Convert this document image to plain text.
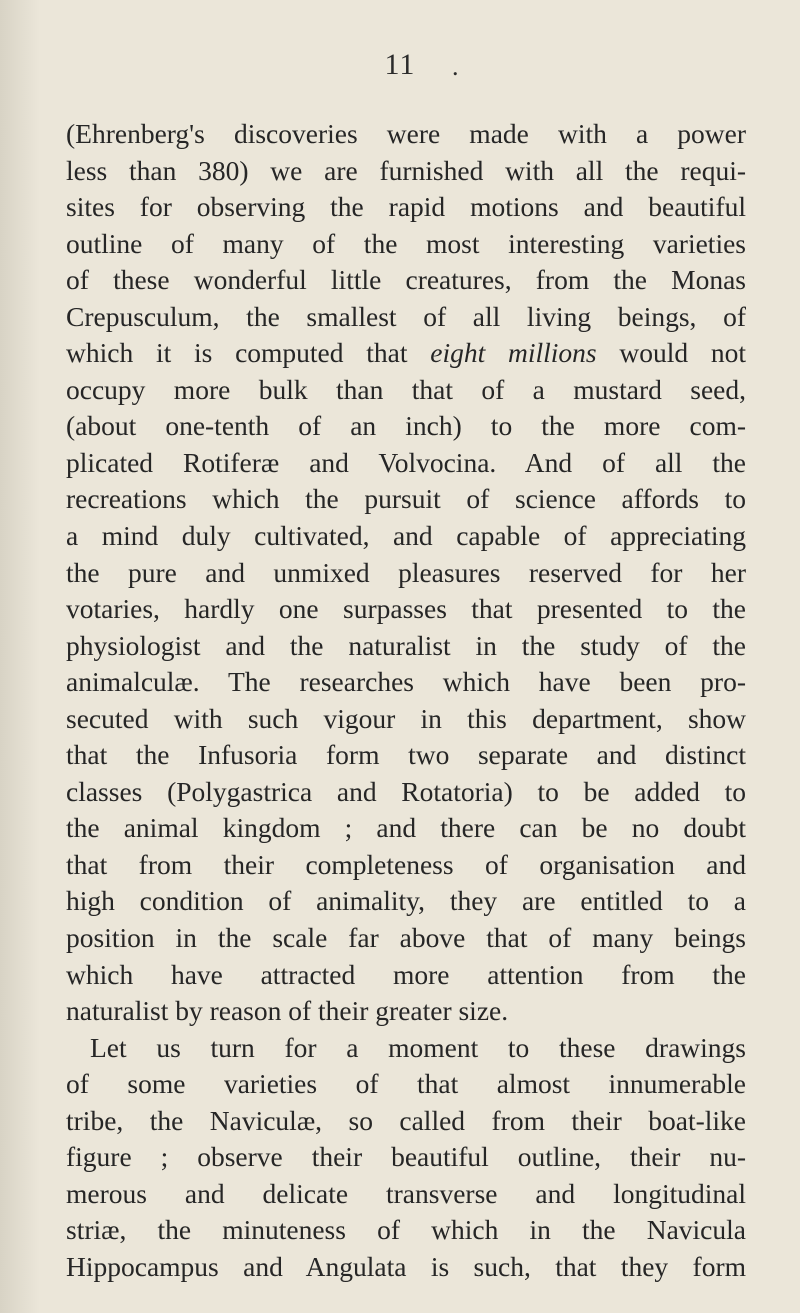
11	.
(Ehrenberg's discoveries were made with a power
less than 380) we are furnished with all the requi-
sites for observing the rapid motions and beautiful
outline of many of the most interesting varieties
of these wonderful little creatures, from the Monas
Crepusculum, the smallest of all living beings, of
which it is computed that eight millions would not
occupy more bulk than that of a mustard seed,
(about one-tenth of an inch) to the more com-
plicated Rotiferæ and Volvocina. And of all the
recreations which the pursuit of science affords to
a mind duly cultivated, and capable of appreciating
the pure and unmixed pleasures reserved for her
votaries, hardly one surpasses that presented to the
physiologist and the naturalist in the study of the
animalculæ. The researches which have been pro-
secuted with such vigour in this department, show
that the Infusoria form two separate and distinct
classes (Polygastrica and Rotatoria) to be added to
the animal kingdom ; and there can be no doubt
that from their completeness of organisation and
high condition of animality, they are entitled to a
position in the scale far above that of many beings
which have attracted more attention from the
naturalist by reason of their greater size.
Let us turn for a moment to these drawings
of some varieties of that almost innumerable
tribe, the Naviculæ, so called from their boat-like
figure ; observe their beautiful outline, their nu-
merous and delicate transverse and longitudinal
striæ, the minuteness of which in the Navicula
Hippocampus and Angulata is such, that they form
